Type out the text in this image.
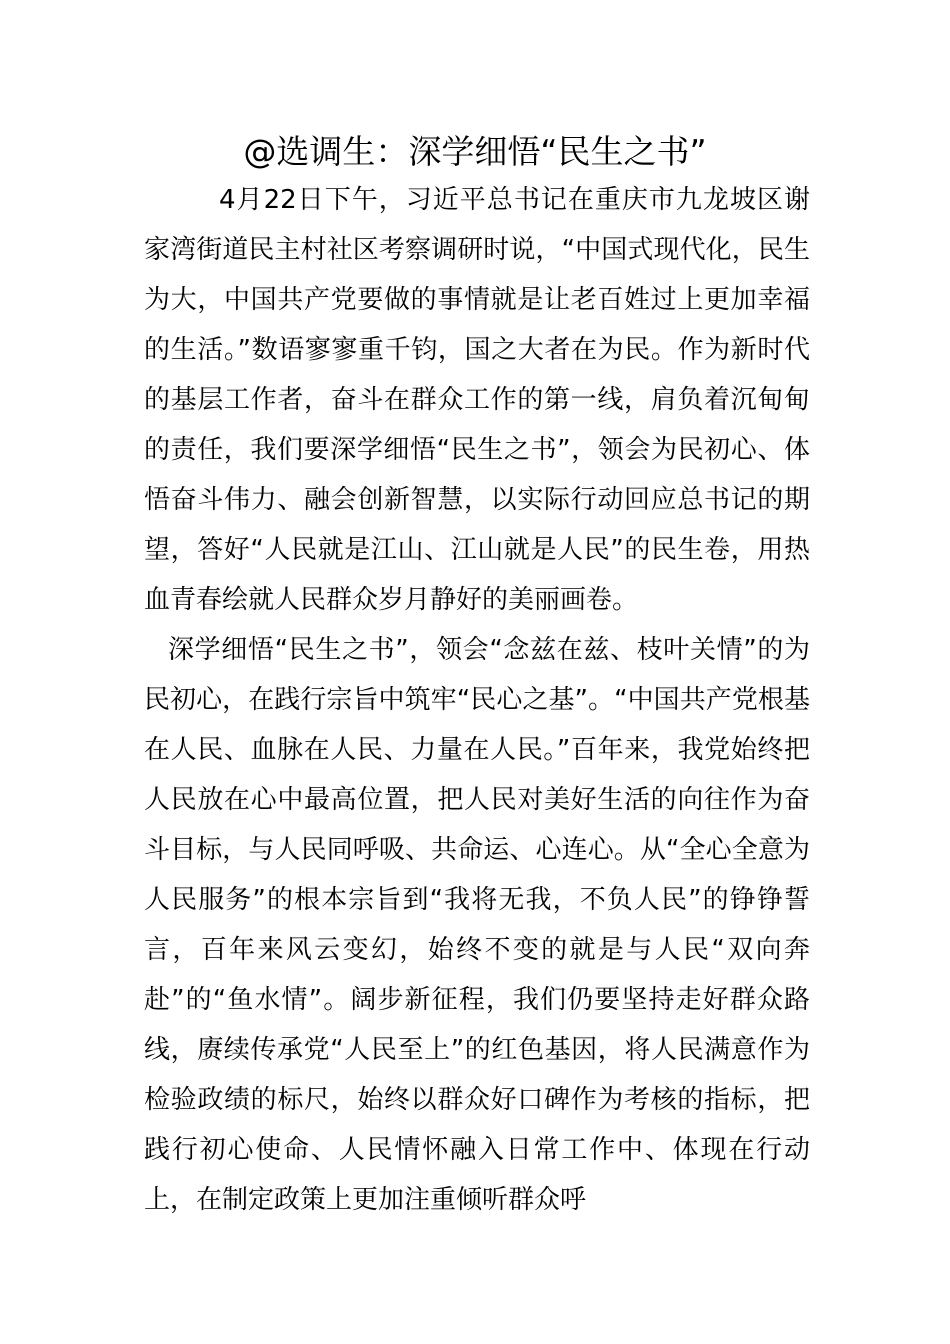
@选调生：深学细悟“民生之书”

4月22日下午，习近平总书记在重庆市九龙坡区谢家湾街道民主村社区考察调研时说，“中国式现代化，民生为大，中国共产党要做的事情就是让老百姓过上更加幸福的生活。”数语寥寥重千钧，国之大者在为民。作为新时代的基层工作者，奋斗在群众工作的第一线，肩负着沉甸甸的责任，我们要深学细悟“民生之书”，领会为民初心、体悟奋斗伟力、融会创新智慧，以实际行动回应总书记的期望，答好“人民就是江山、江山就是人民”的民生卷，用热血青春绘就人民群众岁月静好的美丽画卷。

深学细悟“民生之书”，领会“念兹在兹、枝叶关情”的为民初心，在践行宗旨中筑牢“民心之基”。“中国共产党根基在人民、血脉在人民、力量在人民。”百年来，我党始终把人民放在心中最高位置，把人民对美好生活的向往作为奋斗目标，与人民同呼吸、共命运、心连心。从“全心全意为人民服务”的根本宗旨到“我将无我，不负人民”的铮铮誓言，百年来风云变幻，始终不变的就是与人民“双向奔赴”的“鱼水情”。阔步新征程，我们仍要坚持走好群众路线，赓续传承党“人民至上”的红色基因，将人民满意作为检验政绩的标尺，始终以群众好口碑作为考核的指标，把践行初心使命、人民情怀融入日常工作中、体现在行动上，在制定政策上更加注重倾听群众呼
